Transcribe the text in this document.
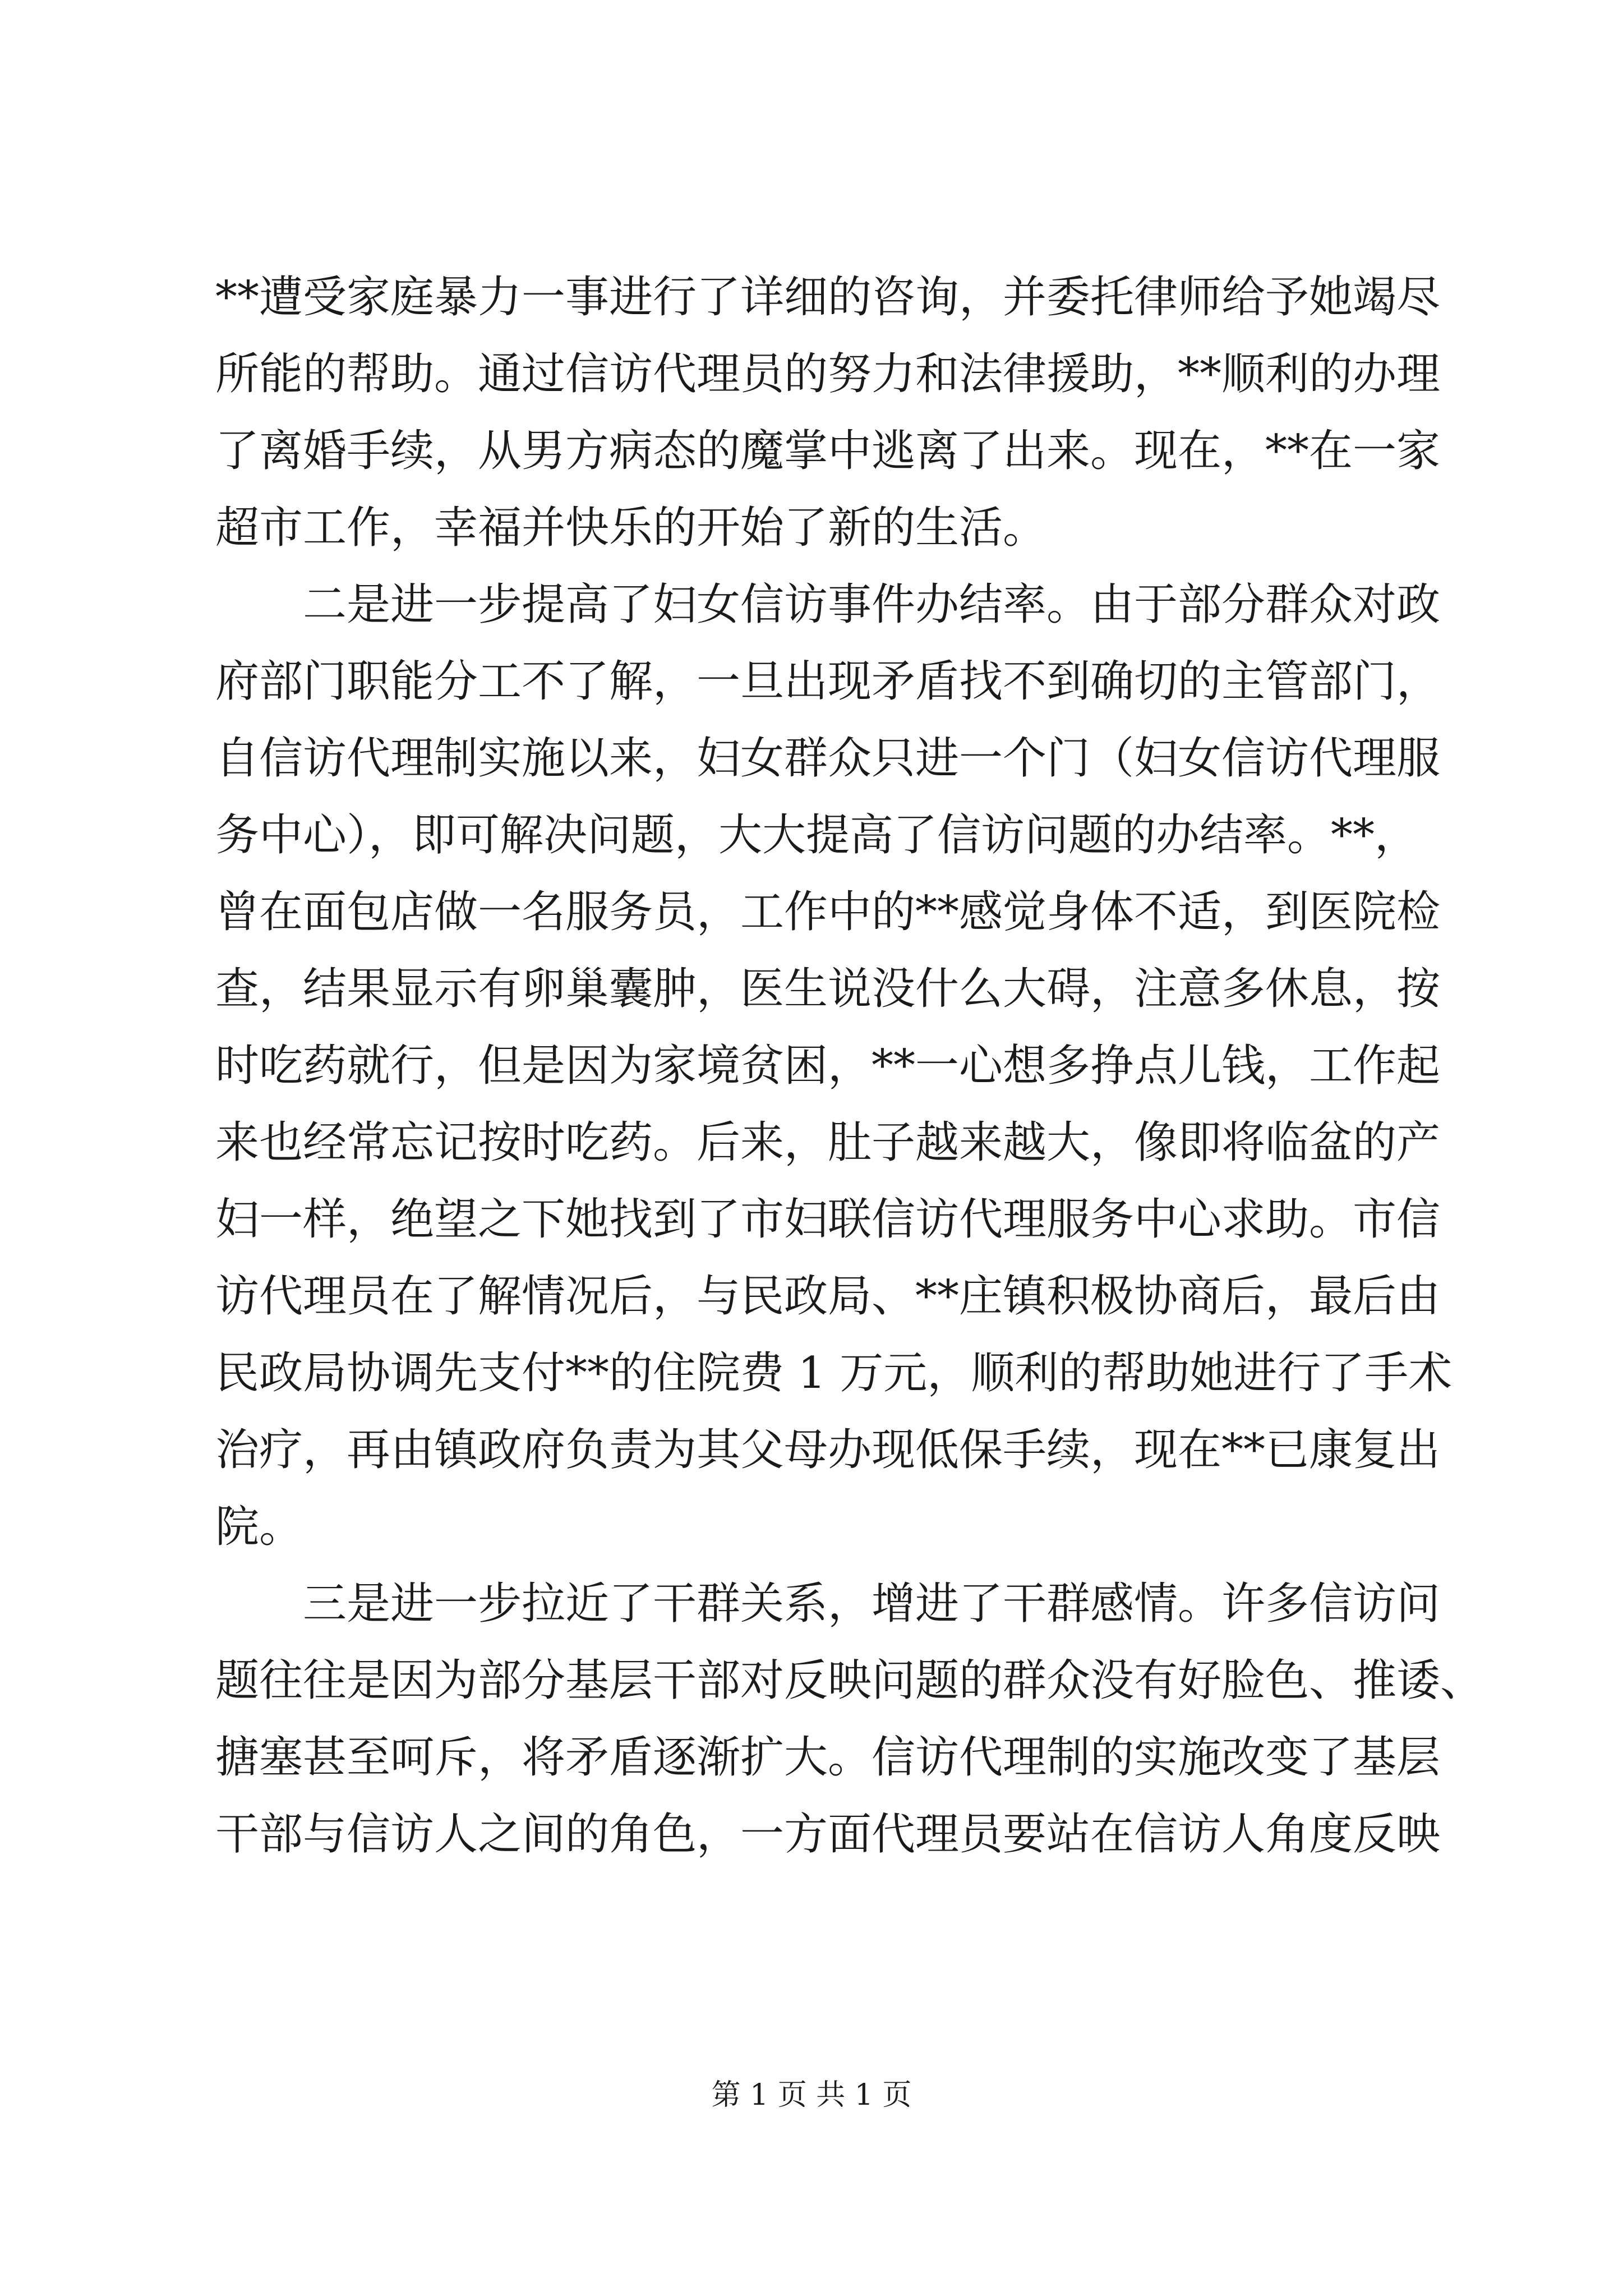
**遭受家庭暴力一事进行了详细的咨询，并委托律师给予她竭尽
所能的帮助。通过信访代理员的努力和法律援助，**顺利的办理
了离婚手续，从男方病态的魔掌中逃离了出来。现在，**在一家
超市工作，幸福并快乐的开始了新的生活。
二是进一步提高了妇女信访事件办结率。由于部分群众对政
府部门职能分工不了解，一旦出现矛盾找不到确切的主管部门，
自信访代理制实施以来，妇女群众只进一个门（妇女信访代理服
务中心），即可解决问题，大大提高了信访问题的办结率。**，
曾在面包店做一名服务员，工作中的**感觉身体不适，到医院检
查，结果显示有卵巢囊肿，医生说没什么大碍，注意多休息，按
时吃药就行，但是因为家境贫困，**一心想多挣点儿钱，工作起
来也经常忘记按时吃药。后来，肚子越来越大，像即将临盆的产
妇一样，绝望之下她找到了市妇联信访代理服务中心求助。市信
访代理员在了解情况后，与民政局、**庄镇积极协商后，最后由
民政局协调先支付**的住院费 1 万元，顺利的帮助她进行了手术
治疗，再由镇政府负责为其父母办现低保手续，现在**已康复出
院。
三是进一步拉近了干群关系，增进了干群感情。许多信访问
题往往是因为部分基层干部对反映问题的群众没有好脸色、推诿、
搪塞甚至呵斥，将矛盾逐渐扩大。信访代理制的实施改变了基层
干部与信访人之间的角色，一方面代理员要站在信访人角度反映
第 1 页 共 1 页
